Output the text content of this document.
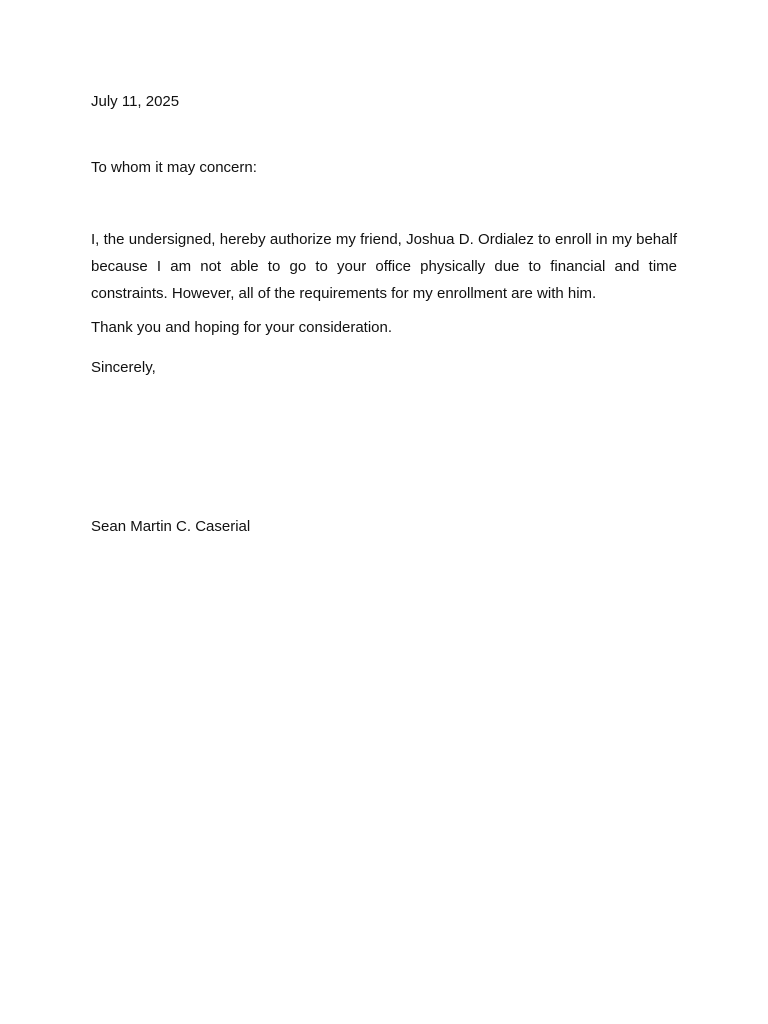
July 11, 2025

To whom it may concern:

I, the undersigned, hereby authorize my friend, Joshua D. Ordialez to enroll in my behalf because I am not able to go to your office physically due to financial and time constraints. However, all of the requirements for my enrollment are with him.

Thank you and hoping for your consideration.

Sincerely,

Sean Martin C. Caserial
